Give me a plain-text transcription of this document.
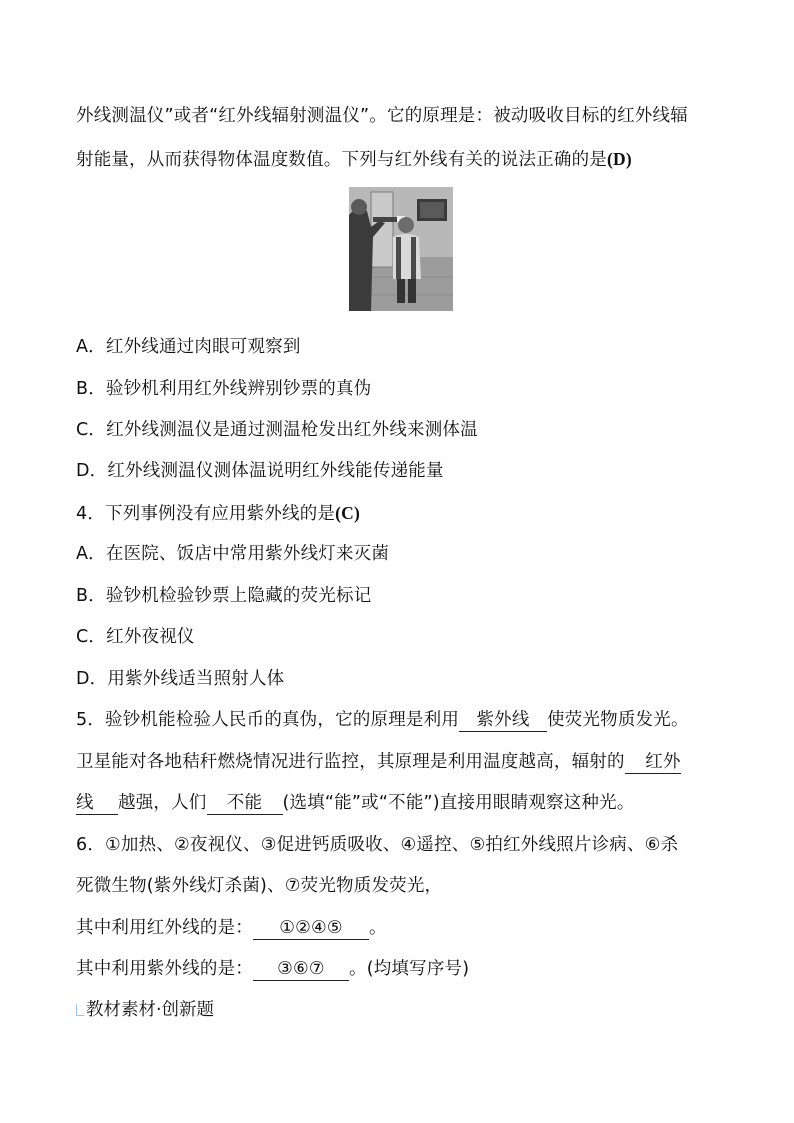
外线测温仪”或者“红外线辐射测温仪”。它的原理是：被动吸收目标的红外线辐
射能量，从而获得物体温度数值。下列与红外线有关的说法正确的是(D)
A．红外线通过肉眼可观察到
B．验钞机利用红外线辨别钞票的真伪
C．红外线测温仪是通过测温枪发出红外线来测体温
D．红外线测温仪测体温说明红外线能传递能量
4．下列事例没有应用紫外线的是(C)
A．在医院、饭店中常用紫外线灯来灭菌
B．验钞机检验钞票上隐藏的荧光标记
C．红外夜视仪
D．用紫外线适当照射人体
5．验钞机能检验人民币的真伪，它的原理是利用 紫外线 使荧光物质发光。
卫星能对各地秸秆燃烧情况进行监控，其原理是利用温度越高，辐射的 红外
线 越强，人们 不能 (选填“能”或“不能”)直接用眼睛观察这种光。
6．①加热、②夜视仪、③促进钙质吸收、④遥控、⑤拍红外线照片诊病、⑥杀
死微生物(紫外线灯杀菌)、⑦荧光物质发荧光，
其中利用红外线的是： ①②④⑤ 。
其中利用紫外线的是： ③⑥⑦ 。(均填写序号)
教材素材·创新题
